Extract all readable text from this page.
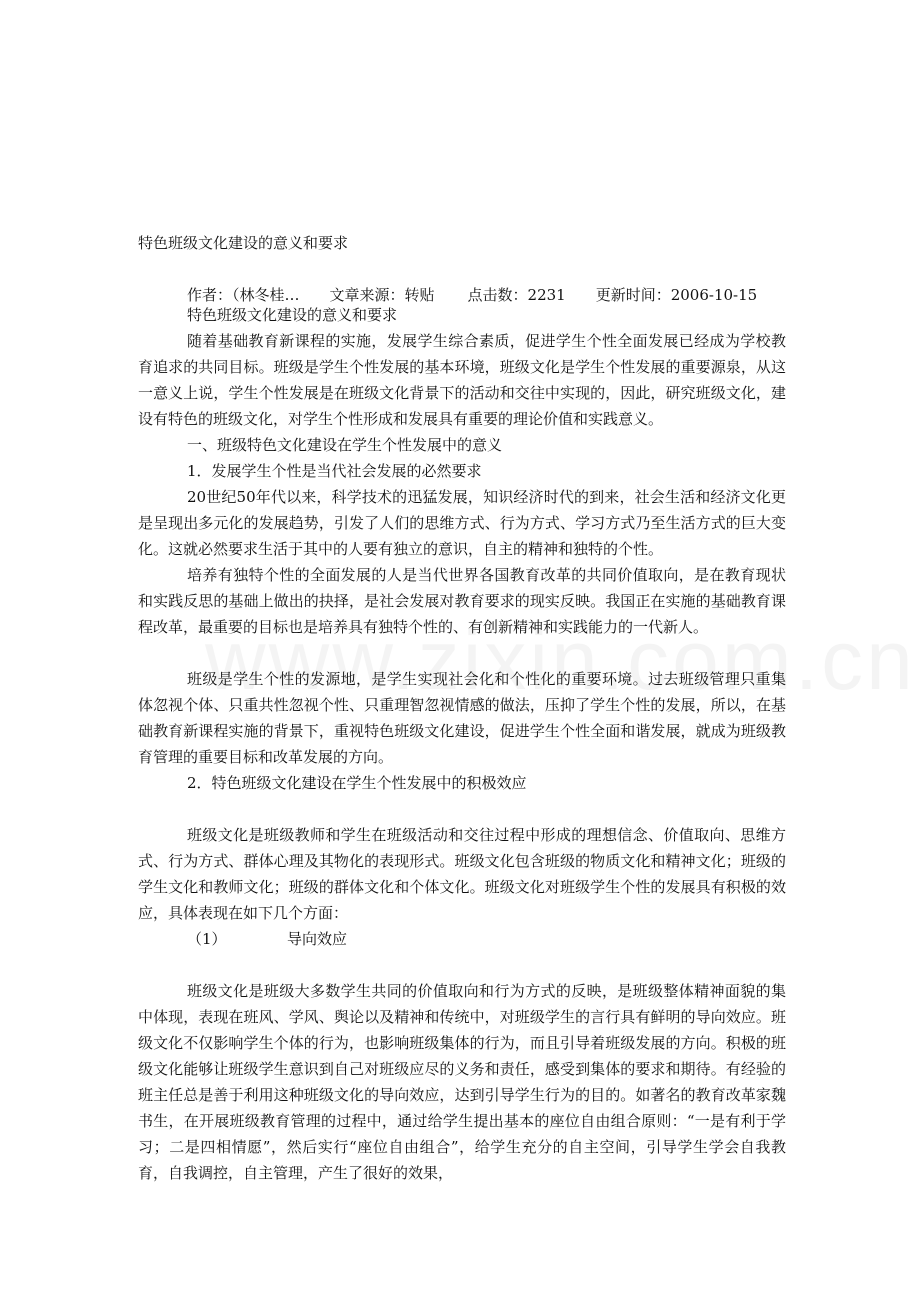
特色班级文化建设的意义和要求
作者：（林冬桂… 文章来源：转贴 点击数：2231 更新时间：2006-10-15
特色班级文化建设的意义和要求

随着基础教育新课程的实施，发展学生综合素质，促进学生个性全面发展已经成为学校教育追求的共同目标。班级是学生个性发展的基本环境，班级文化是学生个性发展的重要源泉，从这一意义上说，学生个性发展是在班级文化背景下的活动和交往中实现的，因此，研究班级文化，建设有特色的班级文化，对学生个性形成和发展具有重要的理论价值和实践意义。

一、班级特色文化建设在学生个性发展中的意义
1．发展学生个性是当代社会发展的必然要求

20世纪50年代以来，科学技术的迅猛发展，知识经济时代的到来，社会生活和经济文化更是呈现出多元化的发展趋势，引发了人们的思维方式、行为方式、学习方式乃至生活方式的巨大变化。这就必然要求生活于其中的人要有独立的意识，自主的精神和独特的个性。

培养有独特个性的全面发展的人是当代世界各国教育改革的共同价值取向，是在教育现状和实践反思的基础上做出的抉择，是社会发展对教育要求的现实反映。我国正在实施的基础教育课程改革，最重要的目标也是培养具有独特个性的、有创新精神和实践能力的一代新人。

班级是学生个性的发源地，是学生实现社会化和个性化的重要环境。过去班级管理只重集体忽视个体、只重共性忽视个性、只重理智忽视情感的做法，压抑了学生个性的发展，所以，在基础教育新课程实施的背景下，重视特色班级文化建设，促进学生个性全面和谐发展，就成为班级教育管理的重要目标和改革发展的方向。

2．特色班级文化建设在学生个性发展中的积极效应

班级文化是班级教师和学生在班级活动和交往过程中形成的理想信念、价值取向、思维方式、行为方式、群体心理及其物化的表现形式。班级文化包含班级的物质文化和精神文化；班级的学生文化和教师文化；班级的群体文化和个体文化。班级文化对班级学生个性的发展具有积极的效应，具体表现在如下几个方面：

（1）	导向效应

班级文化是班级大多数学生共同的价值取向和行为方式的反映，是班级整体精神面貌的集中体现，表现在班风、学风、舆论以及精神和传统中，对班级学生的言行具有鲜明的导向效应。班级文化不仅影响学生个体的行为，也影响班级集体的行为，而且引导着班级发展的方向。积极的班级文化能够让班级学生意识到自己对班级应尽的义务和责任，感受到集体的要求和期待。有经验的班主任总是善于利用这种班级文化的导向效应，达到引导学生行为的目的。如著名的教育改革家魏书生，在开展班级教育管理的过程中，通过给学生提出基本的座位自由组合原则：“一是有利于学习；二是四相情愿”，然后实行“座位自由组合”，给学生充分的自主空间，引导学生学会自我教育，自我调控，自主管理，产生了很好的效果，
